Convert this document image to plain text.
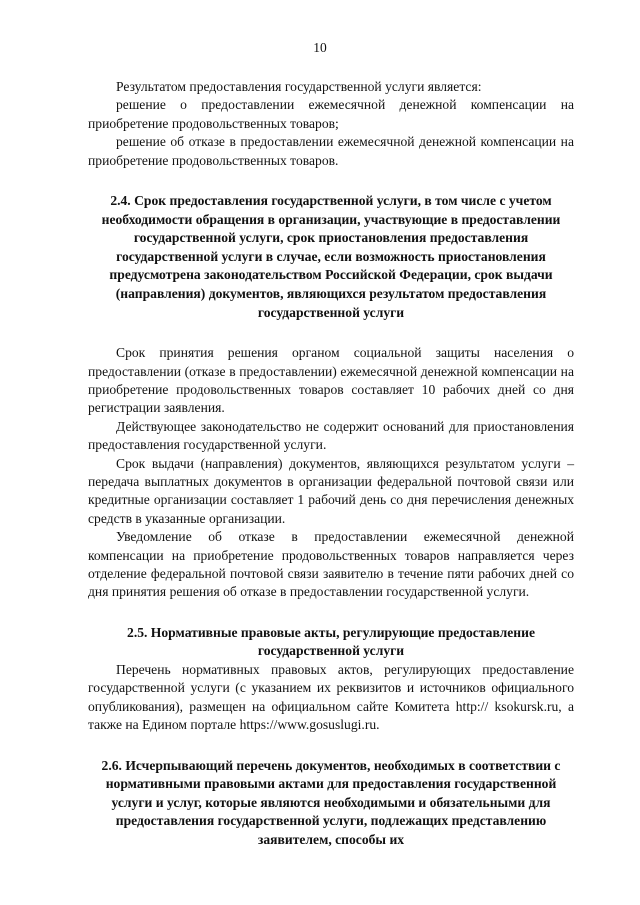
10

Результатом предоставления государственной услуги является:

решение о предоставлении ежемесячной денежной компенсации на приобретение продовольственных товаров;

решение об отказе в предоставлении ежемесячной денежной компенсации на приобретение продовольственных товаров.

2.4. Срок предоставления государственной услуги, в том числе с учетом необходимости обращения в организации, участвующие в предоставлении государственной услуги, срок приостановления предоставления государственной услуги в случае, если возможность приостановления предусмотрена законодательством Российской Федерации, срок выдачи (направления) документов, являющихся результатом предоставления государственной услуги

Срок принятия решения органом социальной защиты населения о предоставлении (отказе в предоставлении) ежемесячной денежной компенсации на приобретение продовольственных товаров составляет 10 рабочих дней со дня регистрации заявления.

Действующее законодательство не содержит оснований для приостановления предоставления государственной услуги.

Срок выдачи (направления) документов, являющихся результатом услуги – передача выплатных документов в организации федеральной почтовой связи или кредитные организации составляет 1 рабочий день со дня перечисления денежных средств в указанные организации.

Уведомление об отказе в предоставлении ежемесячной денежной компенсации на приобретение продовольственных товаров направляется через отделение федеральной почтовой связи заявителю в течение пяти рабочих дней со дня принятия решения об отказе в предоставлении государственной услуги.

2.5. Нормативные правовые акты, регулирующие предоставление государственной услуги

Перечень нормативных правовых актов, регулирующих предоставление государственной услуги (с указанием их реквизитов и источников официального опубликования), размещен на официальном сайте Комитета http:// ksokursk.ru, а также на Едином портале https://www.gosuslugi.ru.

2.6. Исчерпывающий перечень документов, необходимых в соответствии с нормативными правовыми актами для предоставления государственной услуги и услуг, которые являются необходимыми и обязательными для предоставления государственной услуги, подлежащих представлению заявителем, способы их
